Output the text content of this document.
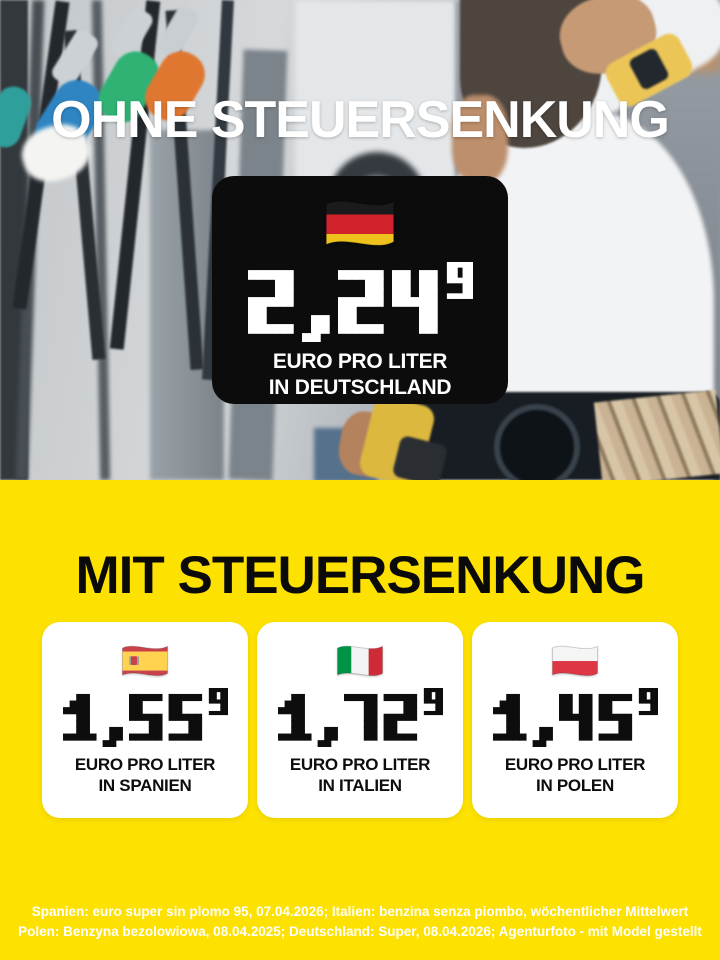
OHNE STEUERSENKUNG
MIT STEUERSENKUNG
EURO PRO LITER
IN DEUTSCHLAND
EURO PRO LITER
IN SPANIEN
EURO PRO LITER
IN ITALIEN
EURO PRO LITER
IN POLEN
Spanien: euro super sin plomo 95, 07.04.2026; Italien: benzina senza piombo, wöchentlicher Mittelwert
Polen: Benzyna bezolowiowa, 08.04.2025; Deutschland: Super, 08.04.2026; Agenturfoto - mit Model gestellt
